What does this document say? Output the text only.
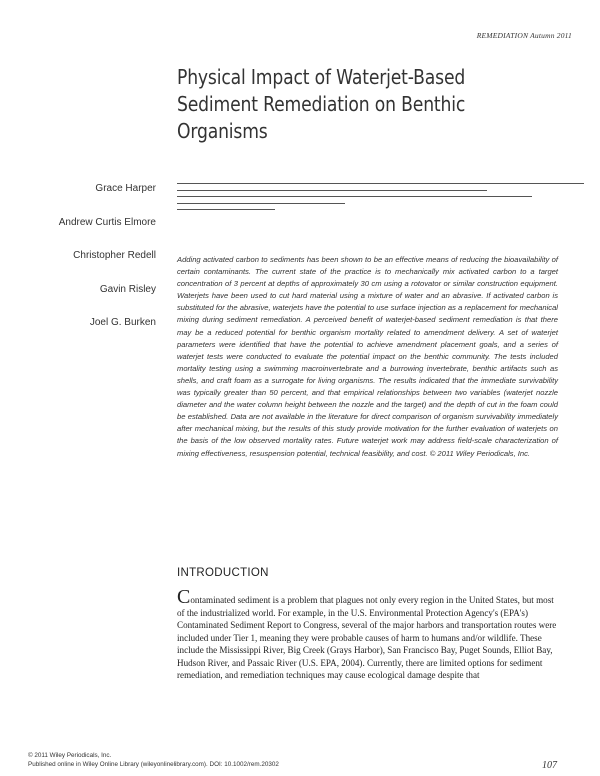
REMEDIATION Autumn 2011
Physical Impact of Waterjet-Based Sediment Remediation on Benthic Organisms
Grace Harper
Andrew Curtis Elmore
Christopher Redell
Gavin Risley
Joel G. Burken

Adding activated carbon to sediments has been shown to be an effective means of reducing the bioavailability of certain contaminants. The current state of the practice is to mechanically mix activated carbon to a target concentration of 3 percent at depths of approximately 30 cm using a rotovator or similar construction equipment. Waterjets have been used to cut hard material using a mixture of water and an abrasive. If activated carbon is substituted for the abrasive, waterjets have the potential to use surface injection as a replacement for mechanical mixing during sediment remediation. A perceived benefit of waterjet-based sediment remediation is that there may be a reduced potential for benthic organism mortality related to amendment delivery. A set of waterjet parameters were identified that have the potential to achieve amendment placement goals, and a series of waterjet tests were conducted to evaluate the potential impact on the benthic community. The tests included mortality testing using a swimming macroinvertebrate and a burrowing invertebrate, benthic artifacts such as shells, and craft foam as a surrogate for living organisms. The results indicated that the immediate survivability was typically greater than 50 percent, and that empirical relationships between two variables (waterjet nozzle diameter and the water column height between the nozzle and the target) and the depth of cut in the foam could be established. Data are not available in the literature for direct comparison of organism survivability immediately after mechanical mixing, but the results of this study provide motivation for the further evaluation of waterjets on the basis of the low observed mortality rates. Future waterjet work may address field-scale characterization of mixing effectiveness, resuspension potential, technical feasibility, and cost. © 2011 Wiley Periodicals, Inc.

INTRODUCTION

Contaminated sediment is a problem that plagues not only every region in the United States, but most of the industrialized world. For example, in the U.S. Environmental Protection Agency's (EPA's) Contaminated Sediment Report to Congress, several of the major harbors and transportation routes were included under Tier 1, meaning they were probable causes of harm to humans and/or wildlife. These include the Mississippi River, Big Creek (Grays Harbor), San Francisco Bay, Puget Sounds, Elliot Bay, Hudson River, and Passaic River (U.S. EPA, 2004). Currently, there are limited options for sediment remediation, and remediation techniques may cause ecological damage despite that

© 2011 Wiley Periodicals, Inc.
Published online in Wiley Online Library (wileyonlinelibrary.com). DOI: 10.1002/rem.20302	107
